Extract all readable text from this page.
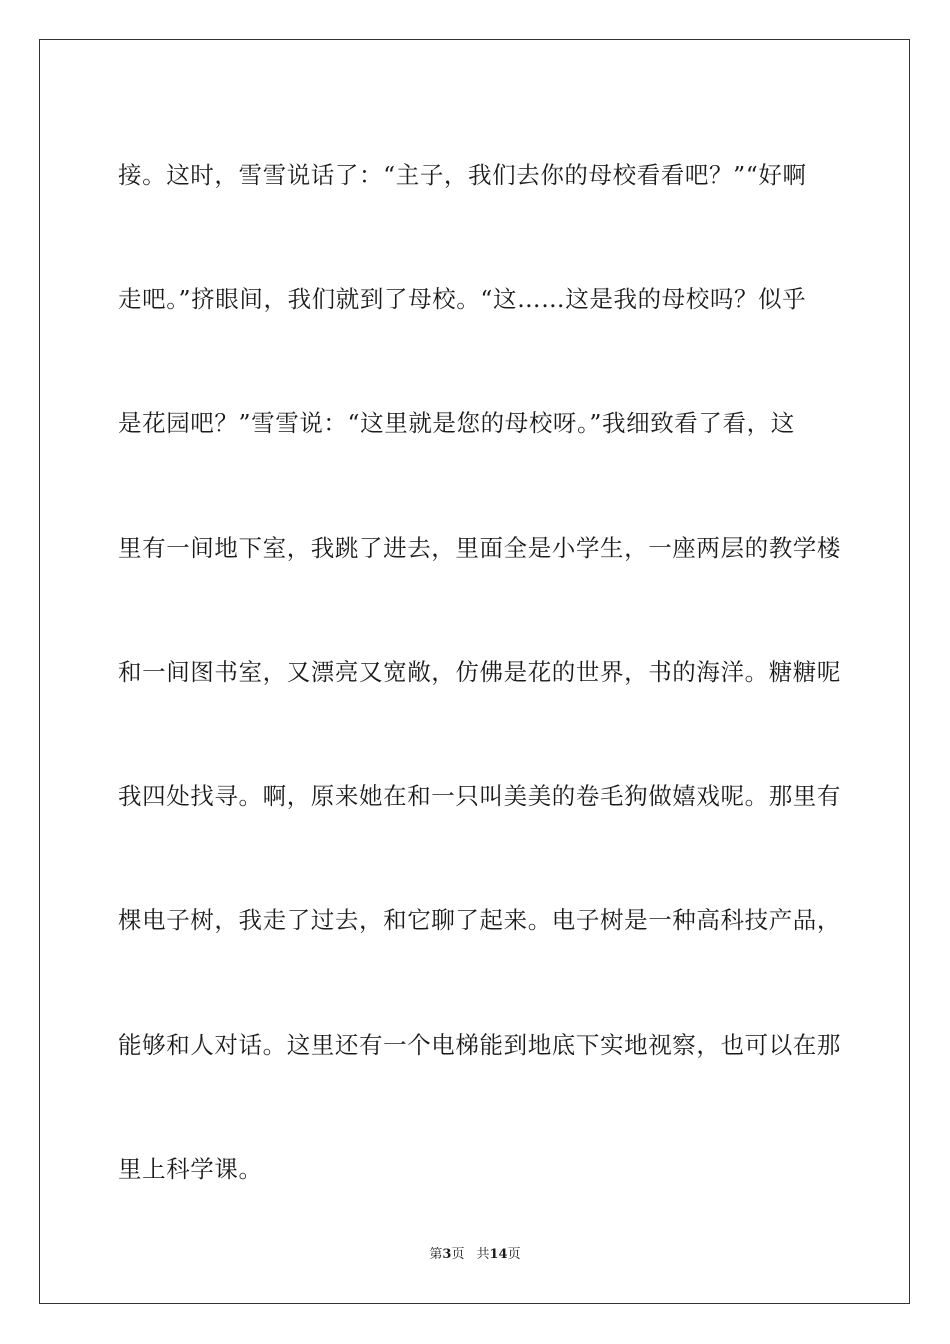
接。这时，雪雪说话了：“主子，我们去你的母校看看吧？”“好啊

走吧。”挤眼间，我们就到了母校。“这……这是我的母校吗？似乎

是花园吧？”雪雪说：“这里就是您的母校呀。”我细致看了看，这

里有一间地下室，我跳了进去，里面全是小学生，一座两层的教学楼

和一间图书室，又漂亮又宽敞，仿佛是花的世界，书的海洋。糖糖呢

我四处找寻。啊，原来她在和一只叫美美的卷毛狗做嬉戏呢。那里有

棵电子树，我走了过去，和它聊了起来。电子树是一种高科技产品，

能够和人对话。这里还有一个电梯能到地底下实地视察，也可以在那

里上科学课。

第3页 共14页
